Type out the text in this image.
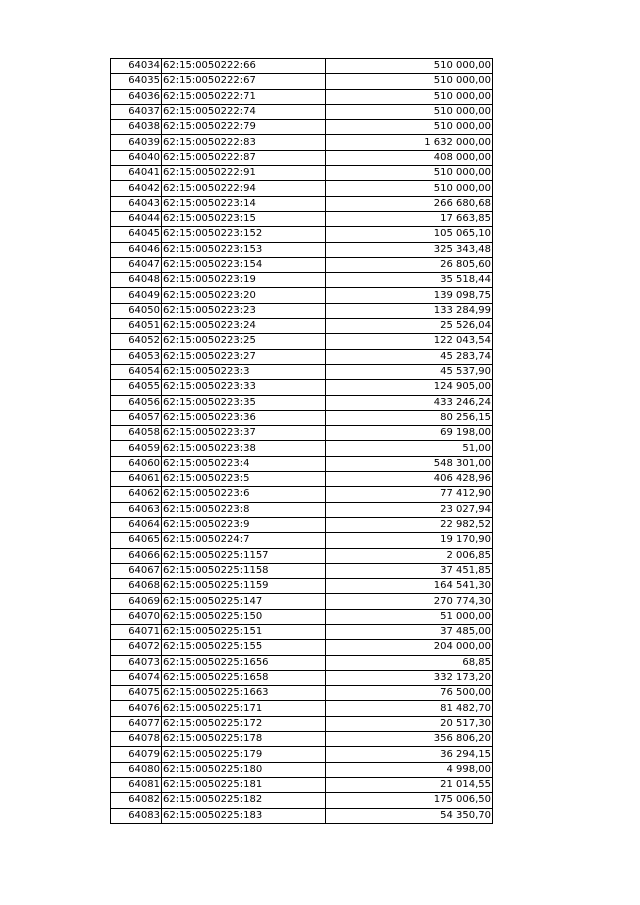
64034	62:15:0050222:66	510 000,00
64035	62:15:0050222:67	510 000,00
64036	62:15:0050222:71	510 000,00
64037	62:15:0050222:74	510 000,00
64038	62:15:0050222:79	510 000,00
64039	62:15:0050222:83	1 632 000,00
64040	62:15:0050222:87	408 000,00
64041	62:15:0050222:91	510 000,00
64042	62:15:0050222:94	510 000,00
64043	62:15:0050223:14	266 680,68
64044	62:15:0050223:15	17 663,85
64045	62:15:0050223:152	105 065,10
64046	62:15:0050223:153	325 343,48
64047	62:15:0050223:154	26 805,60
64048	62:15:0050223:19	35 518,44
64049	62:15:0050223:20	139 098,75
64050	62:15:0050223:23	133 284,99
64051	62:15:0050223:24	25 526,04
64052	62:15:0050223:25	122 043,54
64053	62:15:0050223:27	45 283,74
64054	62:15:0050223:3	45 537,90
64055	62:15:0050223:33	124 905,00
64056	62:15:0050223:35	433 246,24
64057	62:15:0050223:36	80 256,15
64058	62:15:0050223:37	69 198,00
64059	62:15:0050223:38	51,00
64060	62:15:0050223:4	548 301,00
64061	62:15:0050223:5	406 428,96
64062	62:15:0050223:6	77 412,90
64063	62:15:0050223:8	23 027,94
64064	62:15:0050223:9	22 982,52
64065	62:15:0050224:7	19 170,90
64066	62:15:0050225:1157	2 006,85
64067	62:15:0050225:1158	37 451,85
64068	62:15:0050225:1159	164 541,30
64069	62:15:0050225:147	270 774,30
64070	62:15:0050225:150	51 000,00
64071	62:15:0050225:151	37 485,00
64072	62:15:0050225:155	204 000,00
64073	62:15:0050225:1656	68,85
64074	62:15:0050225:1658	332 173,20
64075	62:15:0050225:1663	76 500,00
64076	62:15:0050225:171	81 482,70
64077	62:15:0050225:172	20 517,30
64078	62:15:0050225:178	356 806,20
64079	62:15:0050225:179	36 294,15
64080	62:15:0050225:180	4 998,00
64081	62:15:0050225:181	21 014,55
64082	62:15:0050225:182	175 006,50
64083	62:15:0050225:183	54 350,70
